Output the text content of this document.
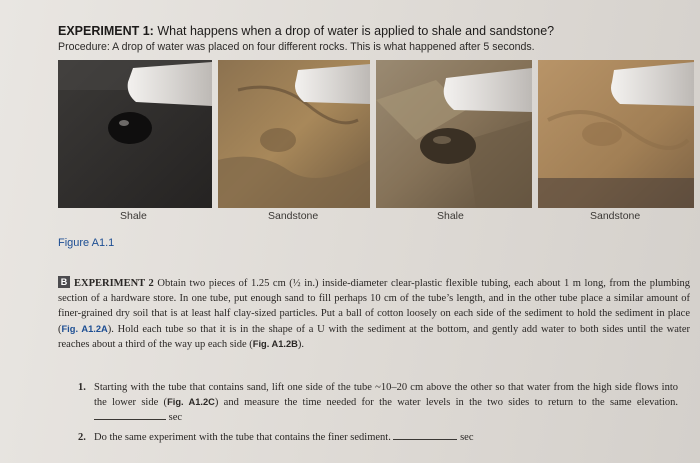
EXPERIMENT 1: What happens when a drop of water is applied to shale and sandstone?
Procedure: A drop of water was placed on four different rocks. This is what happened after 5 seconds.
Shale	Sandstone	Shale	Sandstone
Figure A1.1
B EXPERIMENT 2 Obtain two pieces of 1.25 cm (½ in.) inside-diameter clear-plastic flexible tubing, each about 1 m long, from the plumbing section of a hardware store. In one tube, put enough sand to fill perhaps 10 cm of the tube’s length, and in the other tube place a similar amount of finer-grained dry soil that is at least half clay-sized particles. Put a ball of cotton loosely on each side of the sediment to hold the sediment in place (Fig. A1.2A). Hold each tube so that it is in the shape of a U with the sediment at the bottom, and gently add water to both sides until the water reaches about a third of the way up each side (Fig. A1.2B).
1. Starting with the tube that contains sand, lift one side of the tube ~10–20 cm above the other so that water from the high side flows into the lower side (Fig. A1.2C) and measure the time needed for the water levels in the two sides to return to the same elevation.  sec
2. Do the same experiment with the tube that contains the finer sediment.	sec
